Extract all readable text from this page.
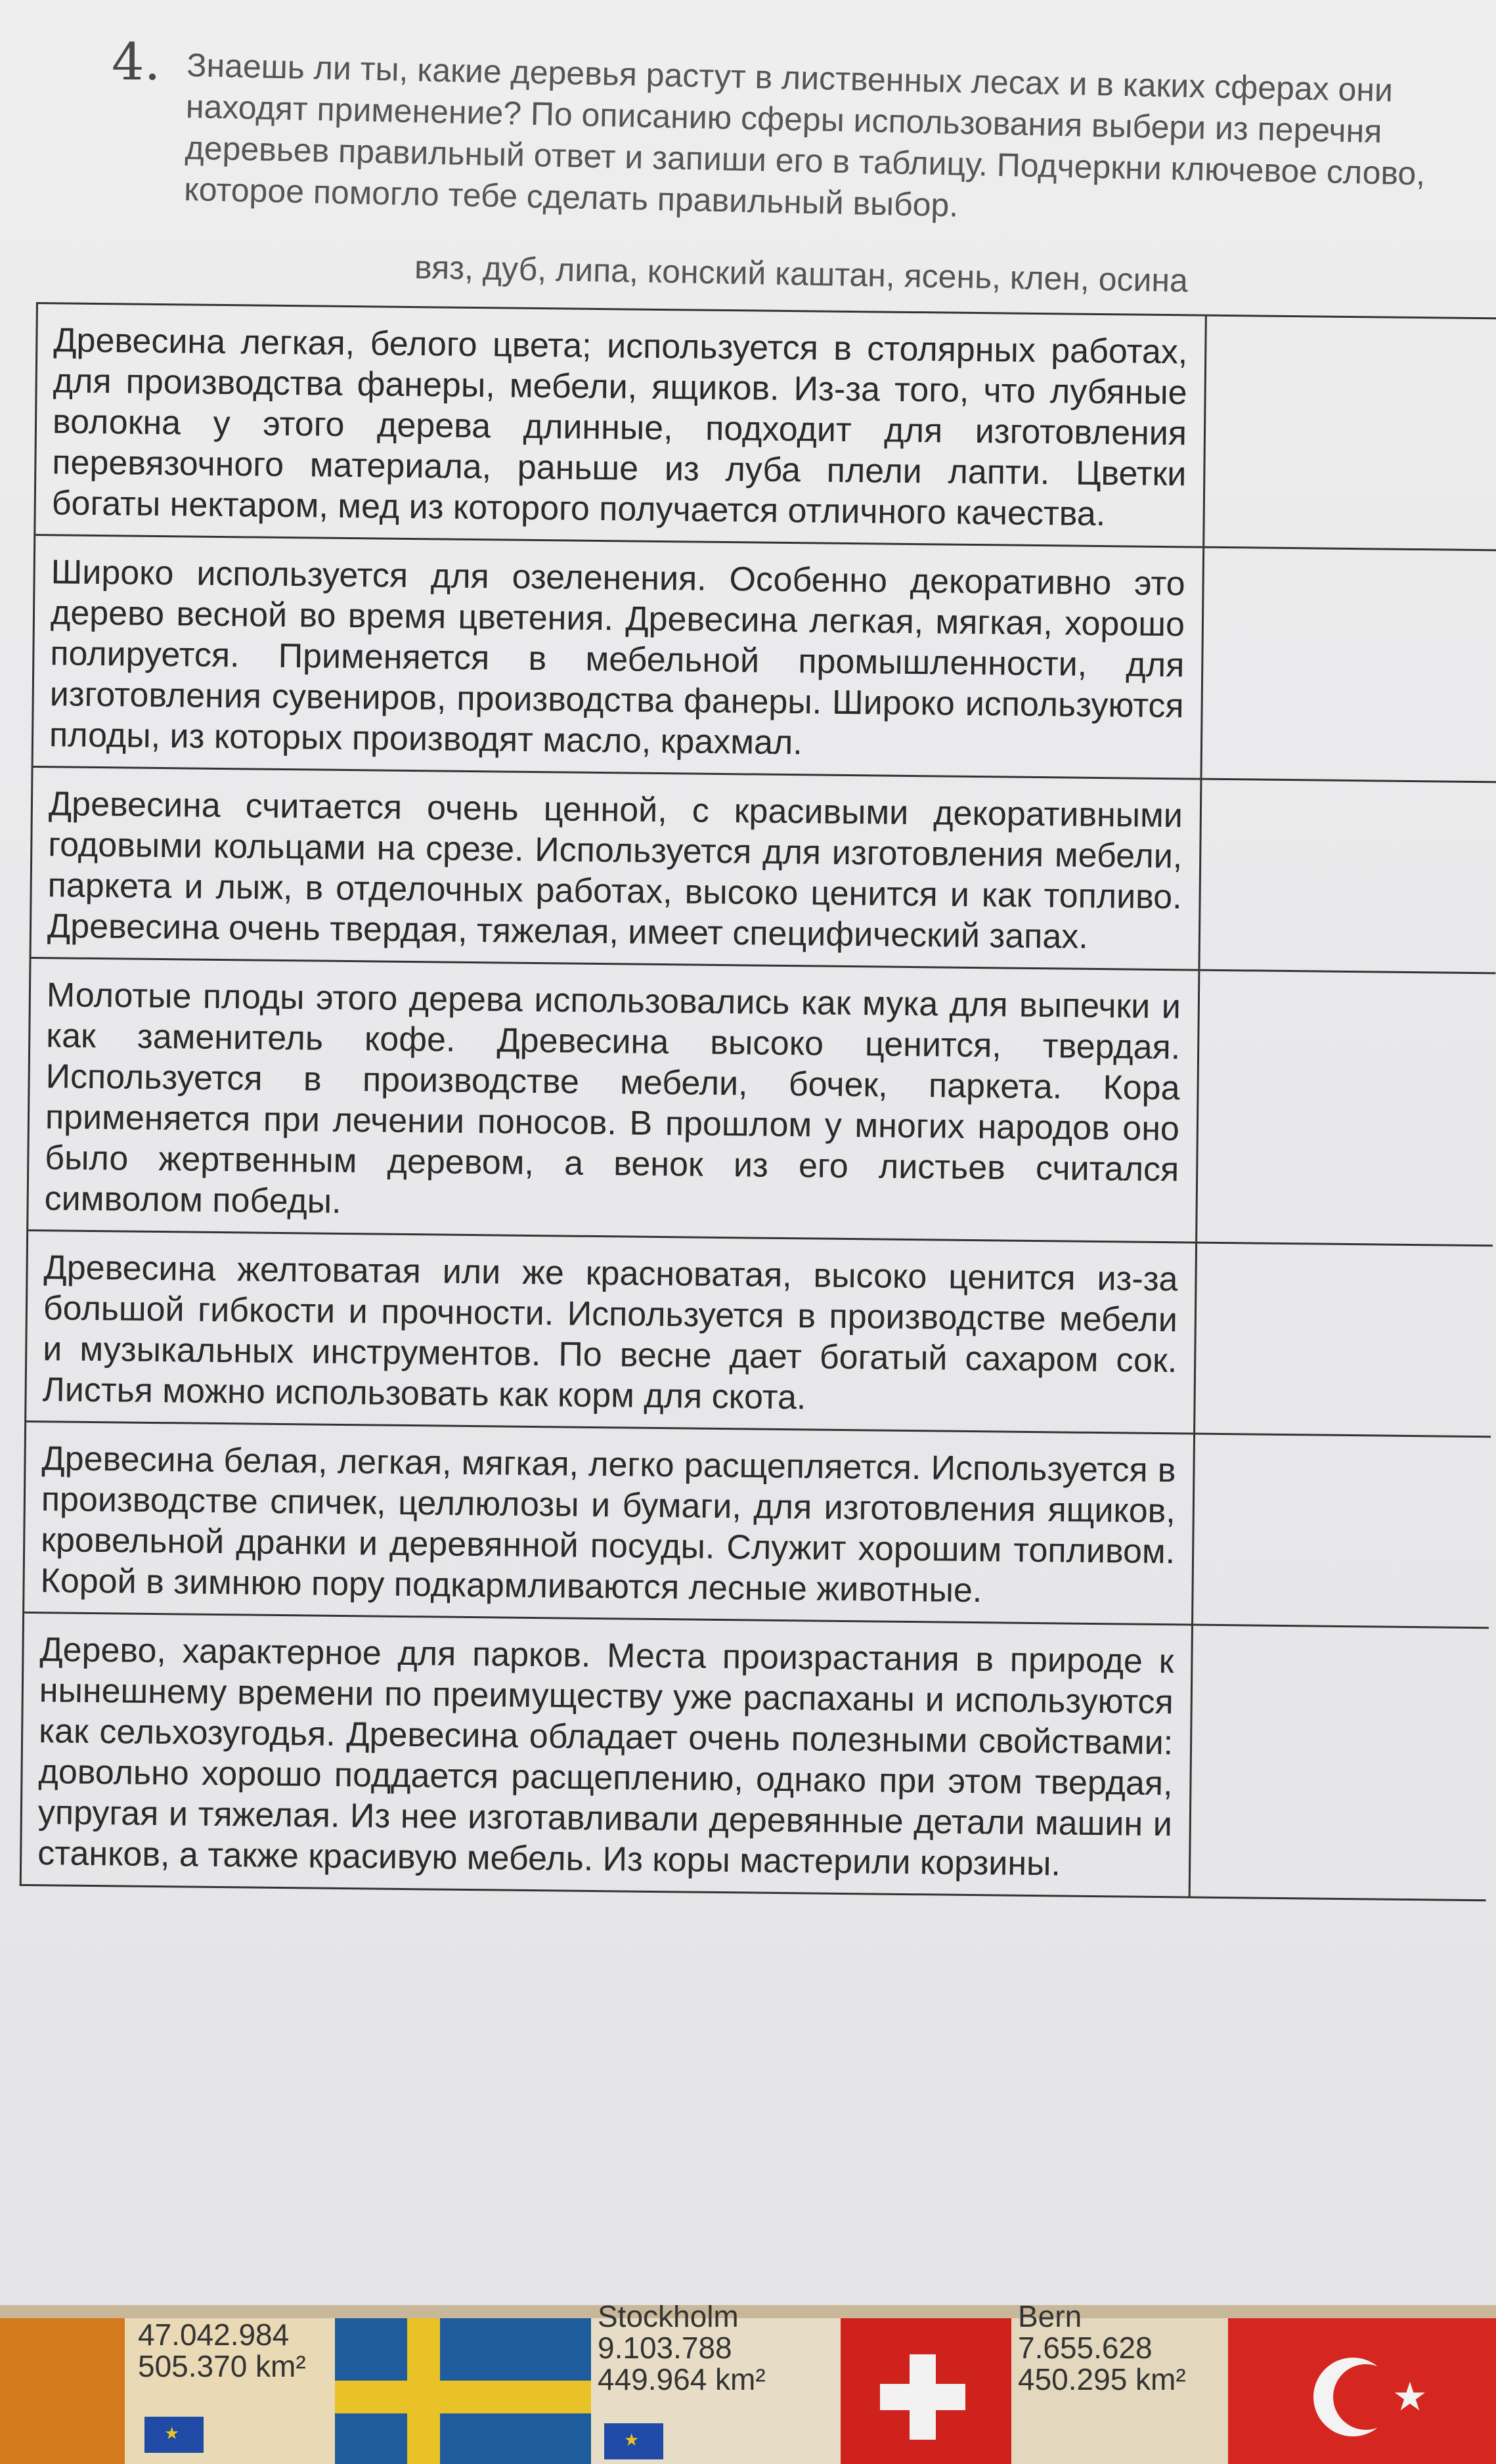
4. Знаешь ли ты, какие деревья растут в лиственных лесах и в каких сферах они
находят применение? По описанию сферы использования выбери из перечня
деревьев правильный ответ и запиши его в таблицу. Подчеркни ключевое слово,
которое помогло тебе сделать правильный выбор.
вяз, дуб, липа, конский каштан, ясень, клен, осина
Древесина легкая, белого цвета; используется в столярных работах, для производства фанеры, мебели, ящиков. Из-за того, что лубяные волокна у этого дерева длинные, подходит для изготовления перевязочного материала, раньше из луба плели лапти. Цветки богаты нектаром, мед из которого получается отличного качества.
Широко используется для озеленения. Особенно декоративно это дерево весной во время цветения. Древесина легкая, мягкая, хорошо полируется. Применяется в мебельной промышленности, для изготовления сувениров, производства фанеры. Широко используются плоды, из которых производят масло, крахмал.
Древесина считается очень ценной, с красивыми декоративными годовыми кольцами на срезе. Используется для изготовления мебели, паркета и лыж, в отделочных работах, высоко ценится и как топливо. Древесина очень твердая, тяжелая, имеет специфический запах.
Молотые плоды этого дерева использовались как мука для выпечки и как заменитель кофе. Древесина высоко ценится, твердая. Используется в производстве мебели, бочек, паркета. Кора применяется при лечении поносов. В прошлом у многих народов оно было жертвенным деревом, а венок из его листьев считался символом победы.
Древесина желтоватая или же красноватая, высоко ценится из-за большой гибкости и прочности. Используется в производстве мебели и музыкальных инструментов. По весне дает богатый сахаром сок. Листья можно использовать как корм для скота.
Древесина белая, легкая, мягкая, легко расщепляется. Используется в производстве спичек, целлюлозы и бумаги, для изготовления ящиков, кровельной дранки и деревянной посуды. Служит хорошим топливом. Корой в зимнюю пору подкармливаются лесные животные.
Дерево, характерное для парков. Места произрастания в природе к нынешнему времени по преимуществу уже распаханы и используются как сельхозугодья. Древесина обладает очень полезными свойствами: довольно хорошо поддается расщеплению, однако при этом твердая, упругая и тяжелая. Из нее изготавливали деревянные детали машин и станков, а также красивую мебель. Из коры мастерили корзины.
47.042.984
505.370 km²
★
Stockholm
9.103.788
449.964 km²
★
Bern
7.655.628
450.295 km²	★
